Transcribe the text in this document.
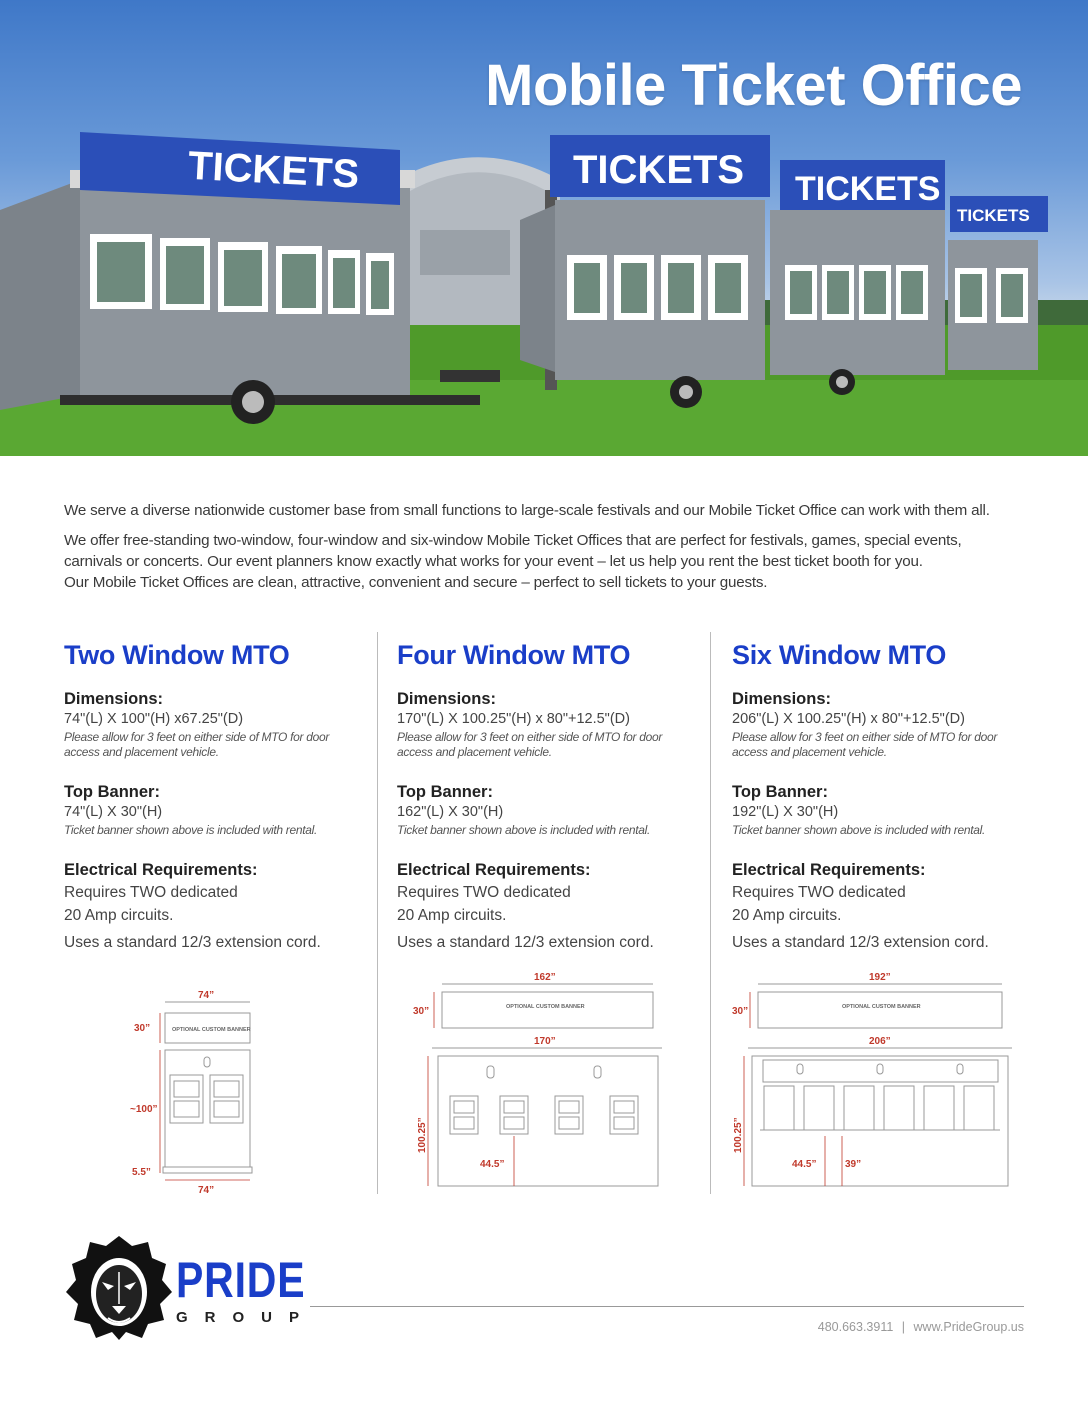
TICKETS	TICKETS TICKETS
TICKETS
Mobile Ticket Office

We serve a diverse nationwide customer base from small functions to large-scale festivals and our Mobile Ticket Office can work with them all.

We offer free-standing two-window, four-window and six-window Mobile Ticket Offices that are perfect for festivals, games, special events,
carnivals or concerts. Our event planners know exactly what works for your event – let us help you rent the best ticket booth for you.
Our Mobile Ticket Offices are clean, attractive, convenient and secure – perfect to sell tickets to your guests.

Two Window MTO
Dimensions:
74"(L) X 100"(H) x67.25"(D)
Please allow for 3 feet on either side of MTO for door access and placement vehicle.
Top Banner:
74"(L) X 30"(H)
Ticket banner shown above is included with rental.
Electrical Requirements:
Requires TWO dedicated
20 Amp circuits.
Uses a standard 12/3 extension cord.
Four Window MTO
Dimensions:
170"(L) X 100.25"(H) x 80"+12.5"(D)
Please allow for 3 feet on either side of MTO for door access and placement vehicle.
Top Banner:
162"(L) X 30"(H)
Ticket banner shown above is included with rental.
Electrical Requirements:
Requires TWO dedicated
20 Amp circuits.
Uses a standard 12/3 extension cord.
Six Window MTO
Dimensions:
206"(L) X 100.25"(H) x 80"+12.5"(D)
Please allow for 3 feet on either side of MTO for door access and placement vehicle.
Top Banner:
192"(L) X 30"(H)
Ticket banner shown above is included with rental.
Electrical Requirements:
Requires TWO dedicated
20 Amp circuits.
Uses a standard 12/3 extension cord.
74”
30”	OPTIONAL CUSTOM BANNER
~100”
5.5”
74”
162”
30”	OPTIONAL CUSTOM BANNER
170”
100.25”
44.5”
192”
30”	OPTIONAL CUSTOM BANNER
206”
100.25”
44.5”	39”
PRIDE
GROUP
480.663.3911 | www.PrideGroup.us
